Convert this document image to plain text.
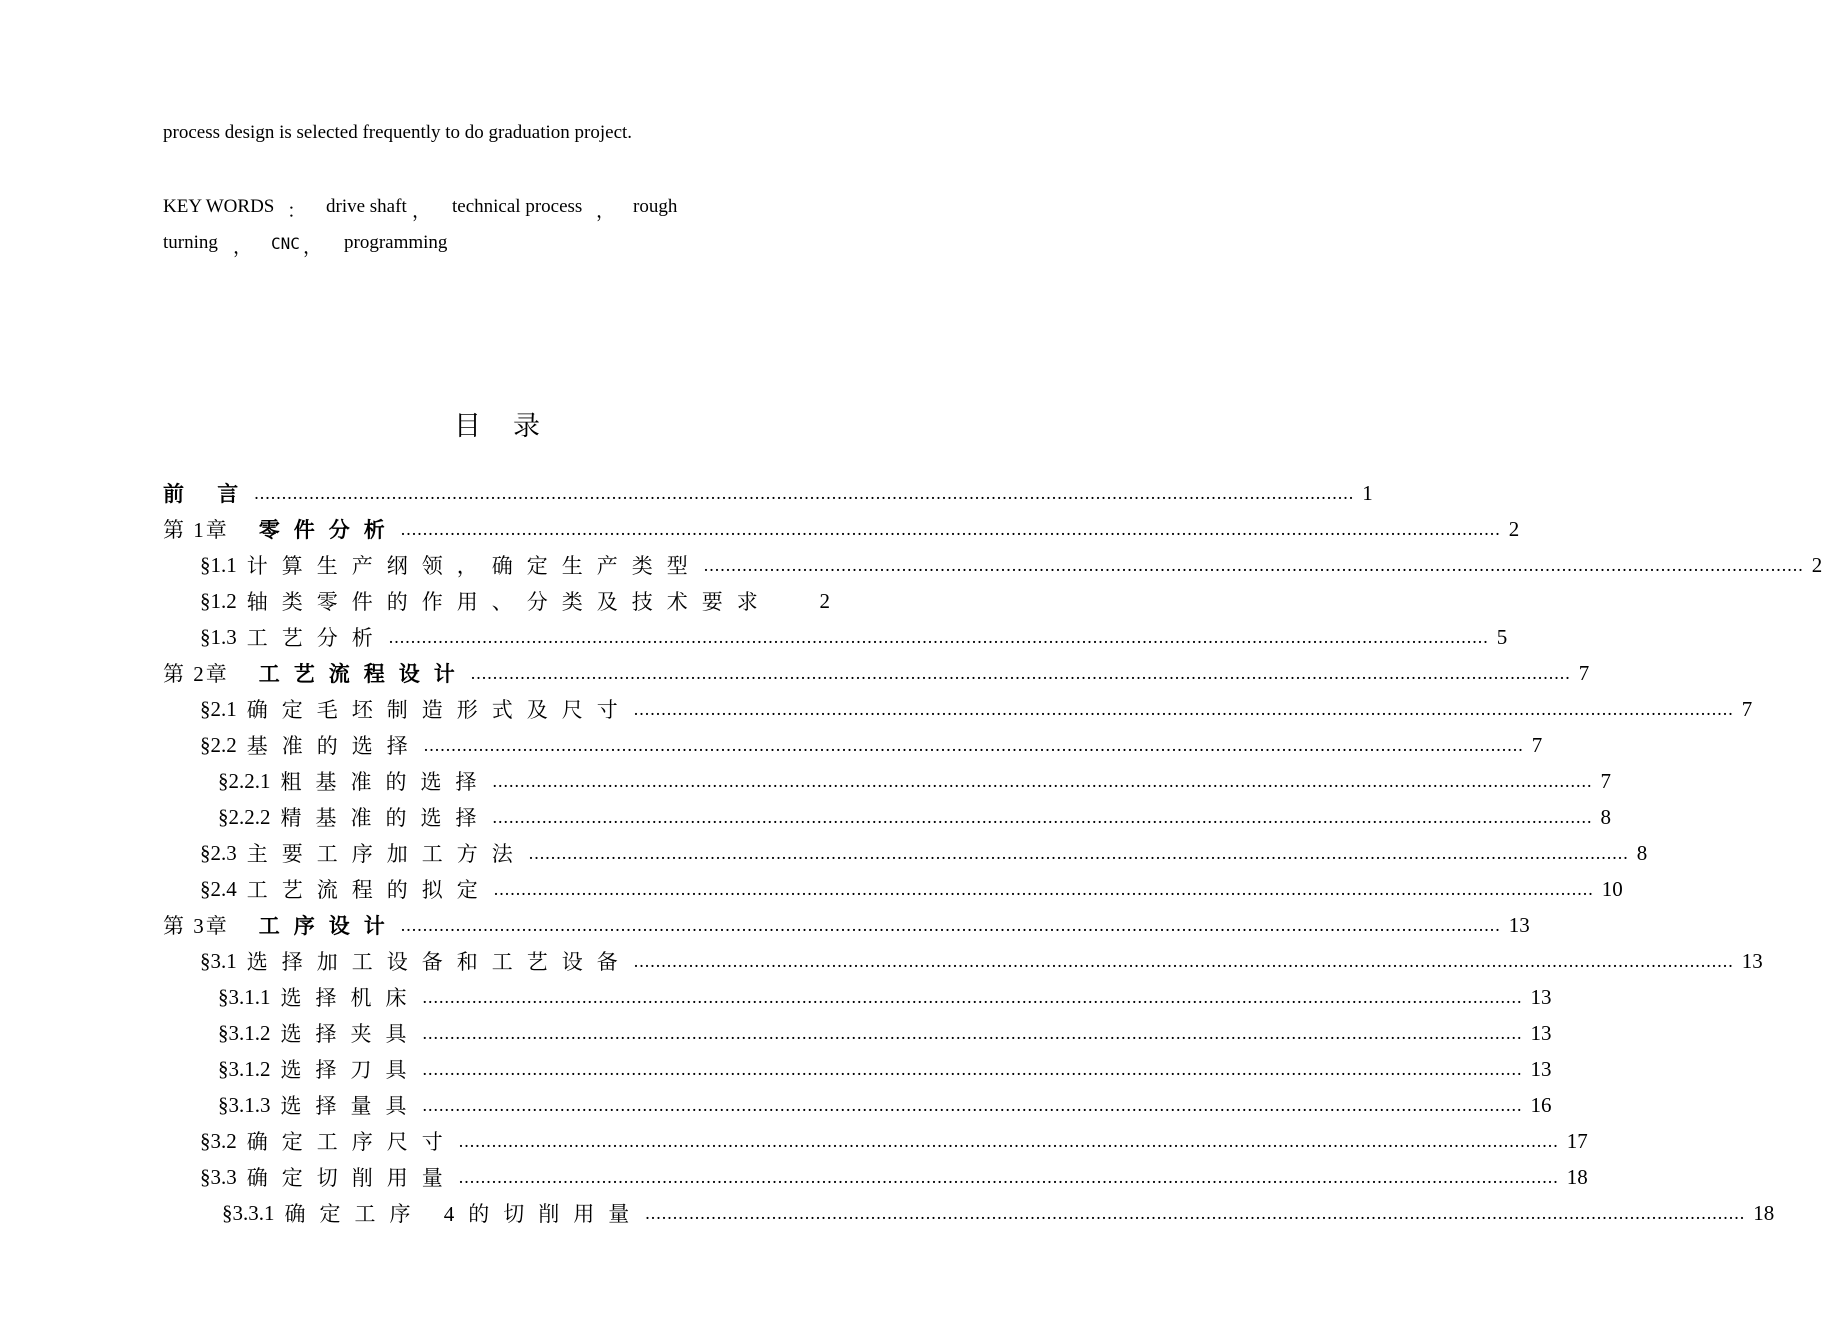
process design is selected frequently to do graduation project.
KEY WORDS ： drive shaft ， technical process ， rough
turning ， CNC ， programming
目录
前 言 ........................................................................................................................................................................................................ 1
第 1章 零件分析 ........................................................................................................................................................................................................ 2
§1.1 计算生产纲领，确定生产类型 ........................................................................................................................................................................................................ 2
§1.2 轴类零件的作用、分类及技术要求 2
§1.3 工艺分析 ........................................................................................................................................................................................................ 5
第 2章 工艺流程设计 ........................................................................................................................................................................................................ 7
§2.1 确定毛坯制造形式及尺寸 ........................................................................................................................................................................................................ 7
§2.2 基准的选择 ........................................................................................................................................................................................................ 7
§2.2.1 粗基准的选择 ........................................................................................................................................................................................................ 7
§2.2.2 精基准的选择 ........................................................................................................................................................................................................ 8
§2.3 主要工序加工方法 ........................................................................................................................................................................................................ 8
§2.4 工艺流程的拟定 ........................................................................................................................................................................................................ 10
第 3章 工序设计 ........................................................................................................................................................................................................ 13
§3.1 选择加工设备和工艺设备 ........................................................................................................................................................................................................ 13
§3.1.1 选择机床 ........................................................................................................................................................................................................ 13
§3.1.2 选择夹具 ........................................................................................................................................................................................................ 13
§3.1.2 选择刀具 ........................................................................................................................................................................................................ 13
§3.1.3 选择量具 ........................................................................................................................................................................................................ 16
§3.2 确定工序尺寸 ........................................................................................................................................................................................................ 17
§3.3 确定切削用量 ........................................................................................................................................................................................................ 18
§3.3.1 确定工序 4的切削用量 ........................................................................................................................................................................................................ 18
